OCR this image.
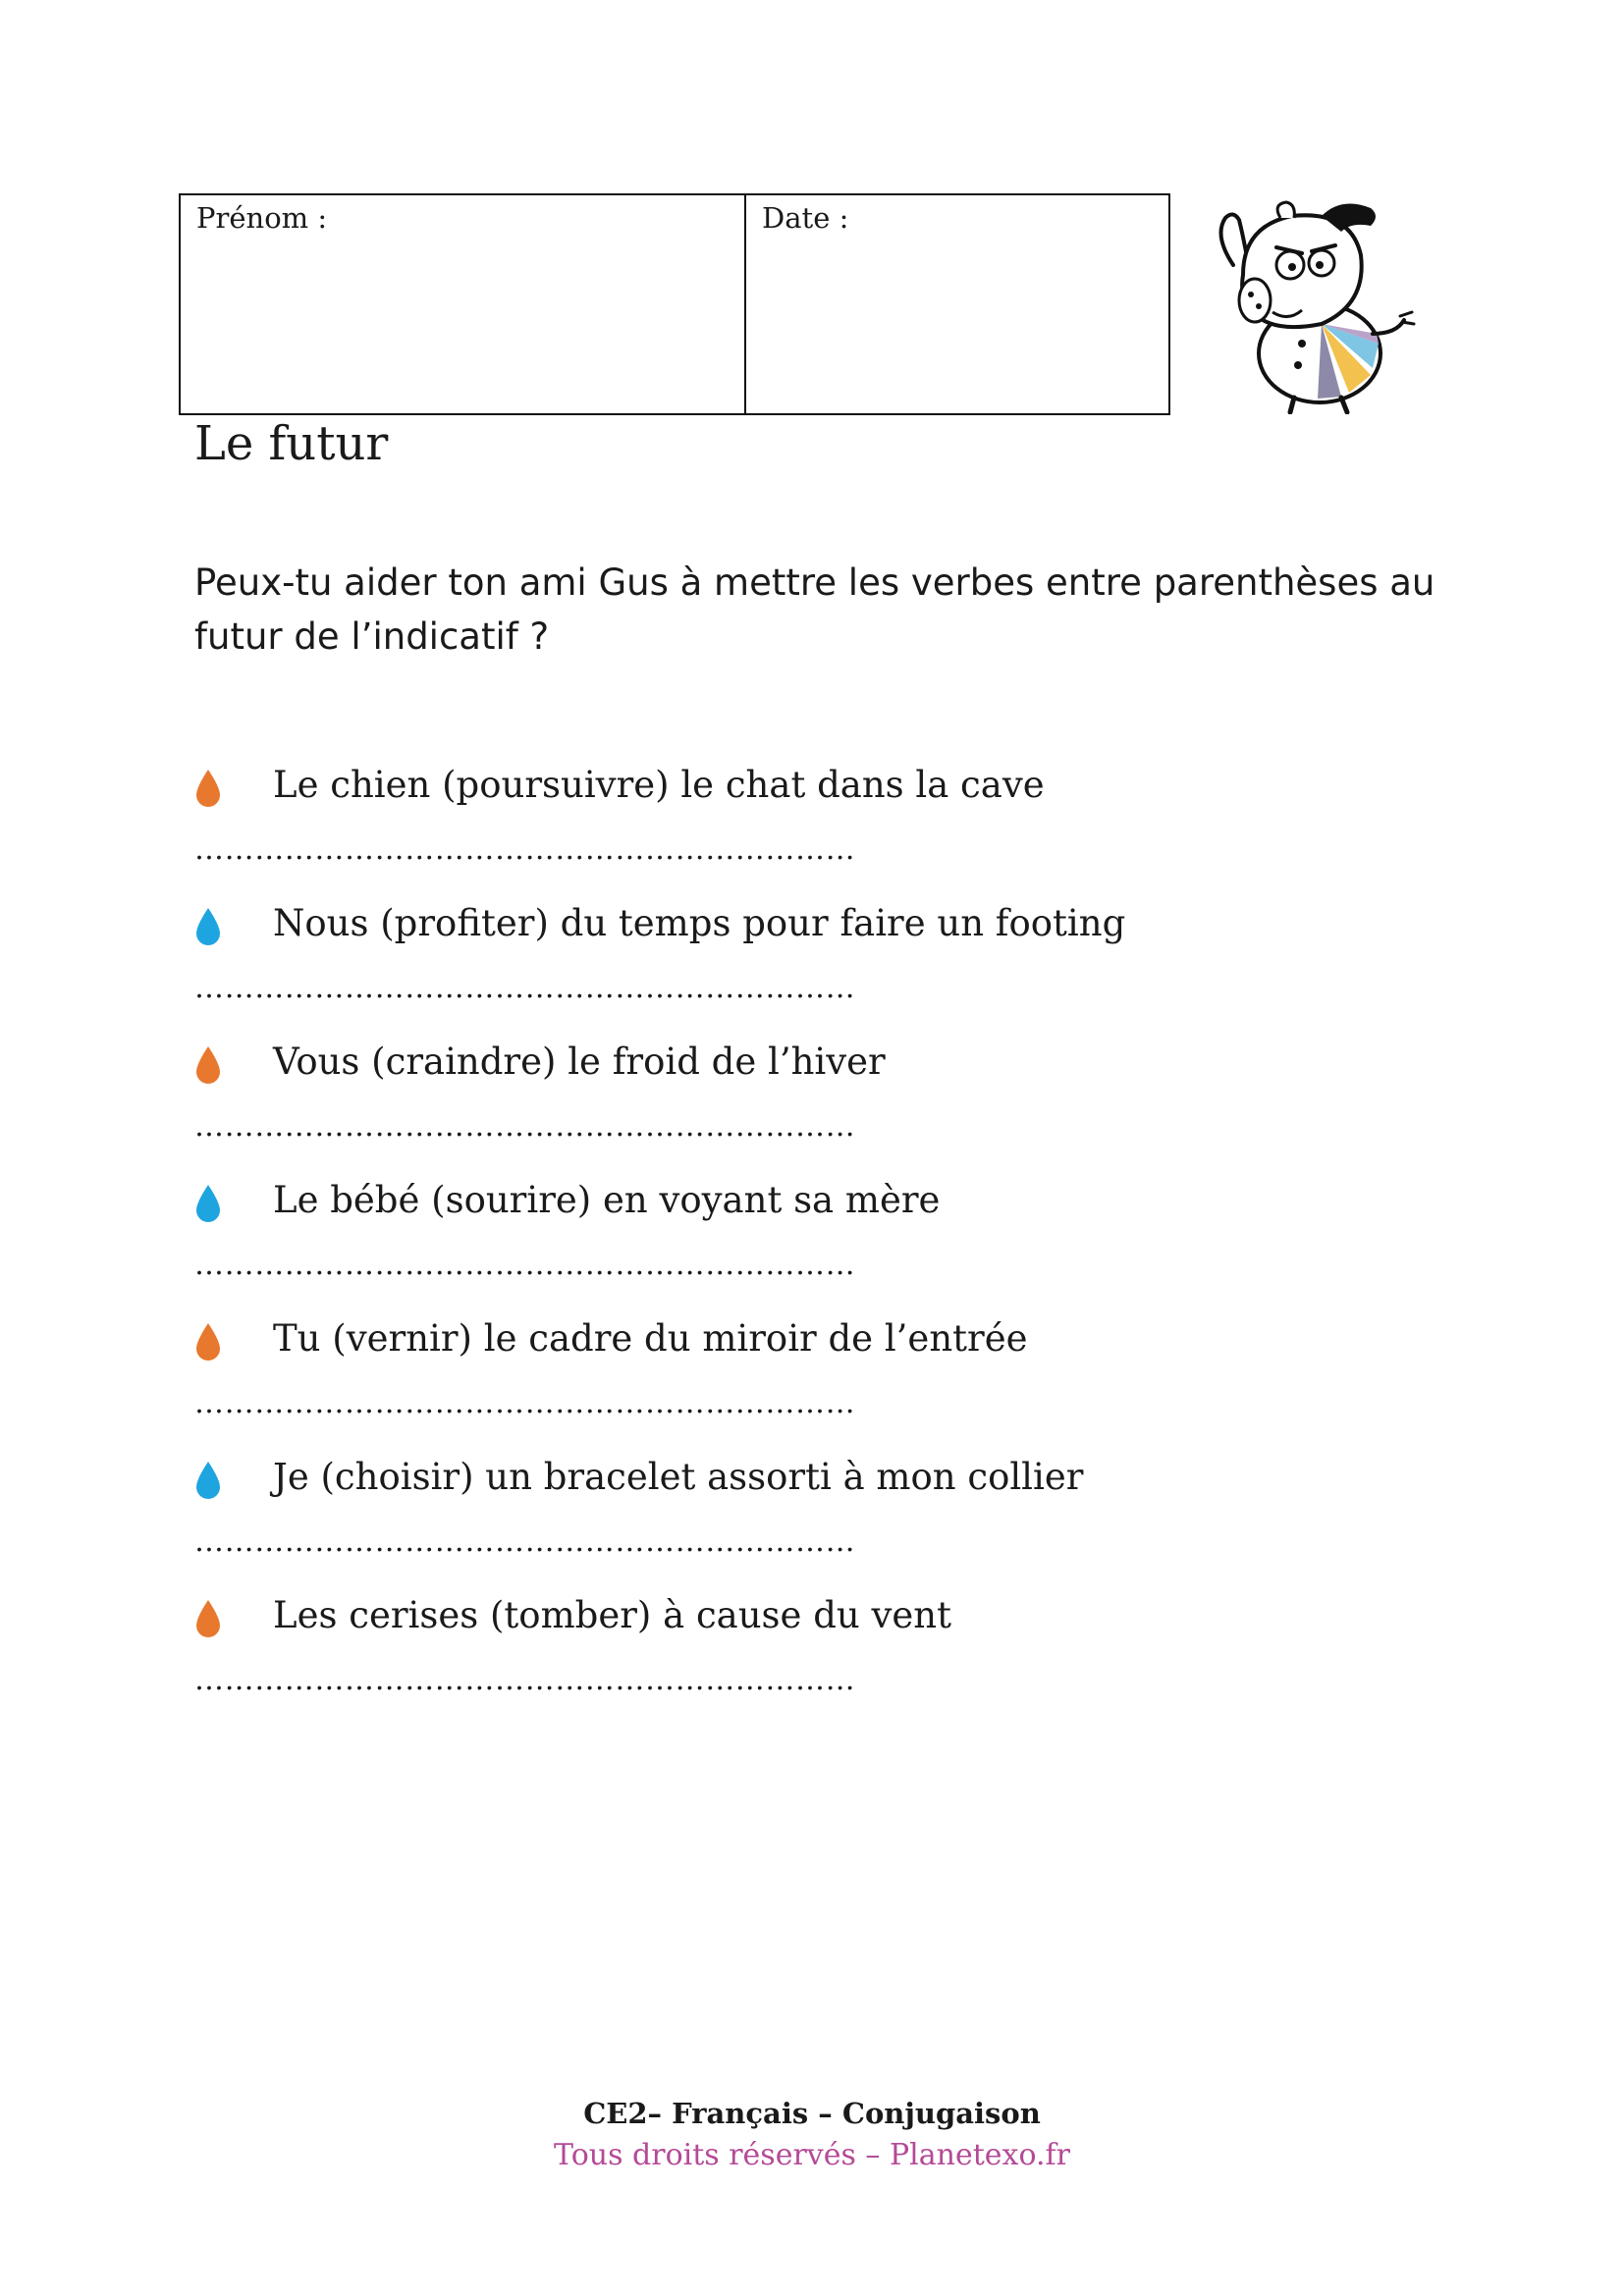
Prénom :	Date :
Le futur

Peux-tu aider ton ami Gus à mettre les verbes entre parenthèses au futur de l’indicatif ?

Le chien (poursuivre) le chat dans la cave
…………………………………………………………
Nous (profiter) du temps pour faire un footing
…………………………………………………………
Vous (craindre) le froid de l’hiver
…………………………………………………………
Le bébé (sourire) en voyant sa mère
…………………………………………………………
Tu (vernir) le cadre du miroir de l’entrée
…………………………………………………………
Je (choisir) un bracelet assorti à mon collier
…………………………………………………………
Les cerises (tomber) à cause du vent
…………………………………………………………
CE2– Français – Conjugaison
Tous droits réservés – Planetexo.fr
